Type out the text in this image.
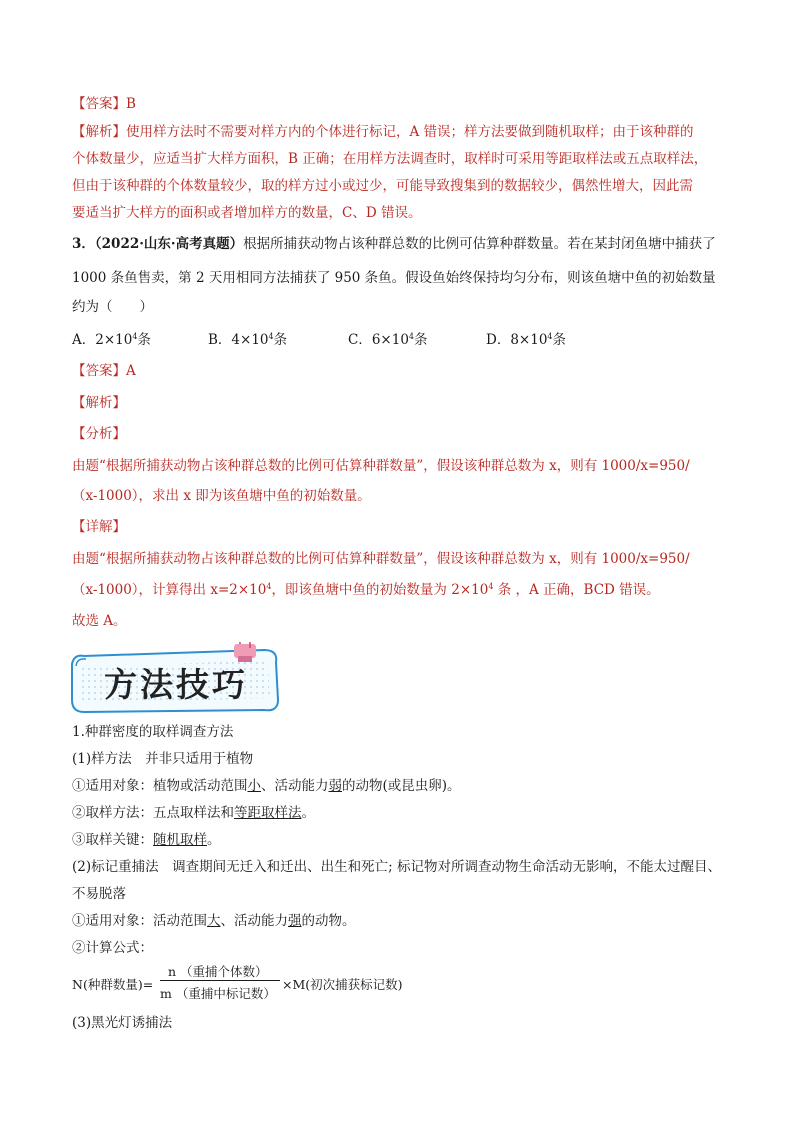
【答案】B
【解析】使用样方法时不需要对样方内的个体进行标记，A 错误；样方法要做到随机取样；由于该种群的
个体数量少，应适当扩大样方面积，B 正确；在用样方法调查时，取样时可采用等距取样法或五点取样法，
但由于该种群的个体数量较少，取的样方过小或过少，可能导致搜集到的数据较少，偶然性增大，因此需
要适当扩大样方的面积或者增加样方的数量，C、D 错误。
3．（2022·山东·高考真题）根据所捕获动物占该种群总数的比例可估算种群数量。若在某封闭鱼塘中捕获了
1000 条鱼售卖，第 2 天用相同方法捕获了 950 条鱼。假设鱼始终保持均匀分布，则该鱼塘中鱼的初始数量
约为（　　）
A．$2\times 10^4$条	B．$4\times 10^4$条	C．$6\times 10^4$条	D．$8\times 10^4$条
【答案】A
【解析】
【分析】
由题“根据所捕获动物占该种群总数的比例可估算种群数量”，假设该种群总数为 x，则有 1000/x=950/
（x-1000），求出 x 即为该鱼塘中鱼的初始数量。
【详解】
由题“根据所捕获动物占该种群总数的比例可估算种群数量”，假设该种群总数为 x，则有 1000/x=950/
（x-1000），计算得出 $x=2\times 10^4$，即该鱼塘中鱼的初始数量为 $2\times 10^4$ 条 ，A 正确，BCD 错误。
故选 A。
方法技巧
1.种群密度的取样调查方法
(1)样方法　并非只适用于植物
①适用对象：植物或活动范围小、活动能力弱的动物(或昆虫卵)。
②取样方法：五点取样法和等距取样法。
③取样关键：随机取样。
(2)标记重捕法　调查期间无迁入和迁出、出生和死亡; 标记物对所调查动物生命活动无影响，不能太过醒目、
不易脱落
①适用对象：活动范围大、活动能力强的动物。
②计算公式：
N(种群数量)=
n （重捕个体数）
m （重捕中标记数）
×M(初次捕获标记数)
(3)黑光灯诱捕法
